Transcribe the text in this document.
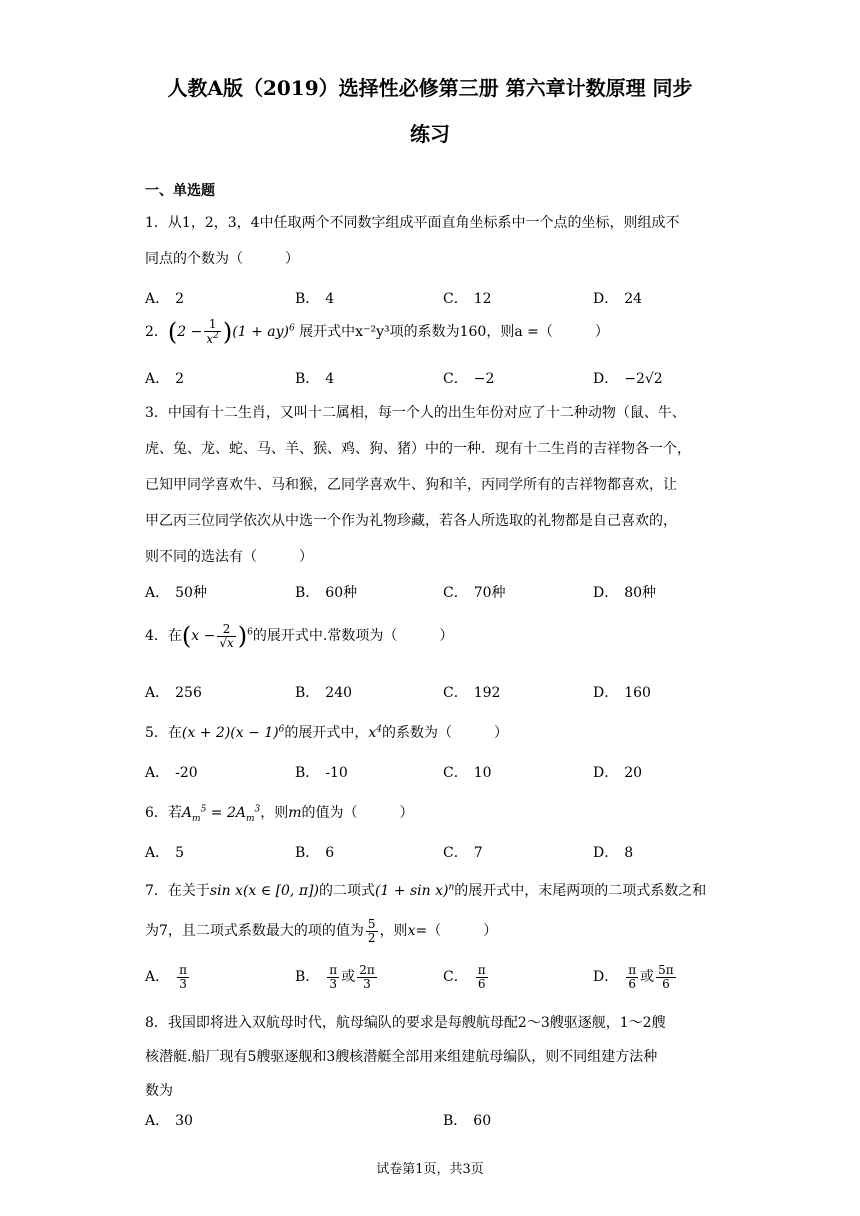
人教A版（2019）选择性必修第三册 第六章计数原理 同步
练习
一、单选题
1．从1，2，3，4中任取两个不同数字组成平面直角坐标系中一个点的坐标，则组成不
同点的个数为（　　　）
A． 2	B． 4	C． 12	D． 24
2．$(2 - \frac{1}{x^2} )(1 + ay)^6$ 展开式中x⁻²y³项的系数为160，则a =（　　　）
A． 2	B． 4	C． −2	D． −2√2
3．中国有十二生肖，又叫十二属相，每一个人的出生年份对应了十二种动物（鼠、牛、
虎、兔、龙、蛇、马、羊、猴、鸡、狗、猪）中的一种．现有十二生肖的吉祥物各一个，
已知甲同学喜欢牛、马和猴，乙同学喜欢牛、狗和羊，丙同学所有的吉祥物都喜欢，让
甲乙丙三位同学依次从中选一个作为礼物珍藏，若各人所选取的礼物都是自己喜欢的，
则不同的选法有（　　　）
A． 50种	B． 60种	C． 70种	D． 80种
4．在$(x - \frac{2}{√x} )^6$的展开式中.常数项为（　　　）
A． 256	B． 240	C． 192	D． 160
5．在$(x + 2)(x - 1)^6$的展开式中，$x^4$的系数为（　　　）
A． -20	B． -10	C． 10	D． 20
6．若$A_m^5 = 2A_m^3$，则m的值为（　　　）
A． 5	B． 6	C． 7	D． 8
7．在关于sin x(x ∈ [0, π])的二项式$(1 + \sin x)^n$的展开式中，末尾两项的二项式系数之和
为7，且二项式系数最大的项的值为 $\frac{5}{2}$ ，则x=（　　　）
A． $\frac{\pi}{3}$	B． $\frac{\pi}{3}$ 或 $\frac{2\pi}{3}$	C． $\frac{\pi}{6}$	D． $\frac{\pi}{6}$ 或 $\frac{5\pi}{6}$
8．我国即将进入双航母时代，航母编队的要求是每艘航母配2～3艘驱逐舰，1～2艘
核潜艇.船厂现有5艘驱逐舰和3艘核潜艇全部用来组建航母编队，则不同组建方法种
数为
A． 30	B． 60
试卷第1页，共3页
